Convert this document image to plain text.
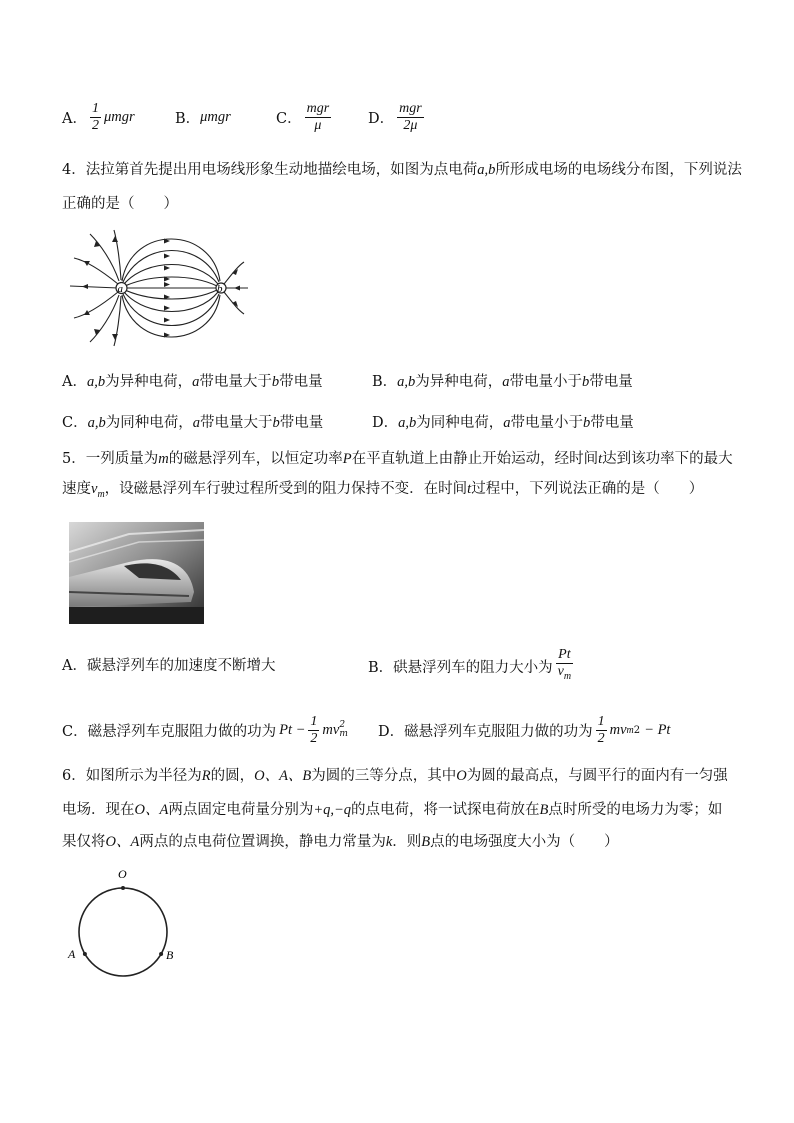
A． $\frac{1}{2}$ μmgr	B． μmgr	C． $\frac{\text{mgr}}{\mu}$	D． $\frac{\text{mgr}}{2\mu}$
4．法拉第首先提出用电场线形象生动地描绘电场，如图为点电荷a,b所形成电场的电场线分布图，下列说法
正确的是（　　）
a	b
A．a,b为异种电荷，a带电量大于b带电量	B．a,b为异种电荷，a带电量小于b带电量
C．a,b为同种电荷，a带电量大于b带电量	D．a,b为同种电荷，a带电量小于b带电量
5．一列质量为m的磁悬浮列车，以恒定功率P在平直轨道上由静止开始运动，经时间t达到该功率下的最大
速度$v_m$，设磁悬浮列车行驶过程所受到的阻力保持不变．在时间t过程中，下列说法正确的是（　　）
A．碳悬浮列车的加速度不断增大	B．硔悬浮列车的阻力大小为 $\frac{Pt}{v_m}$
C．磁悬浮列车克服阻力做的功为 $Pt - \frac{1}{2}$ mv 2
m D．磁悬浮列车克服阻力做的功为 $\frac{1}{2}$ mv m 2 − Pt
6．如图所示为半径为R的圆，O、A、B为圆的三等分点，其中O为圆的最高点，与圆平行的面内有一匀强
电场．现在O、A两点固定电荷量分别为+q,−q的点电荷，将一试探电荷放在B点时所受的电场力为零；如
果仅将O、A两点的点电荷位置调换，静电力常量为k．则B点的电场强度大小为（　　）
O
A	B
